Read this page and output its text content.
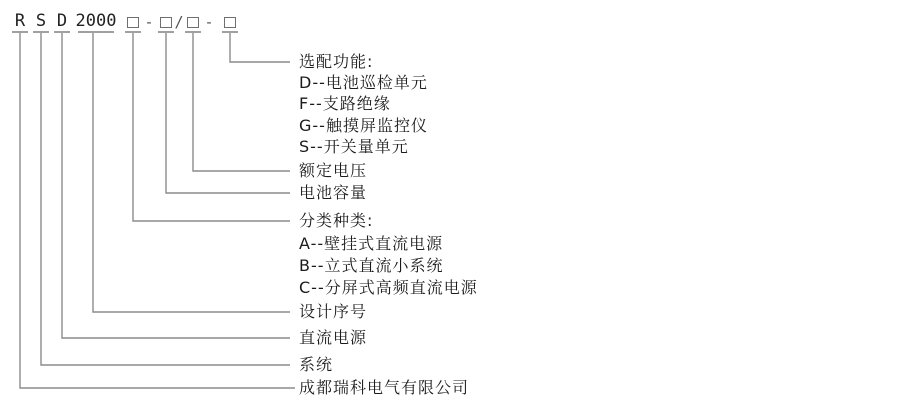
R S D 2000 - / -
选配功能:
D--电池巡检单元
F--支路绝缘
G--触摸屏监控仪
S--开关量单元
额定电压
电池容量
分类种类:
A--壁挂式直流电源
B--立式直流小系统
C--分屏式高频直流电源
设计序号
直流电源
系统
成都瑞科电气有限公司
